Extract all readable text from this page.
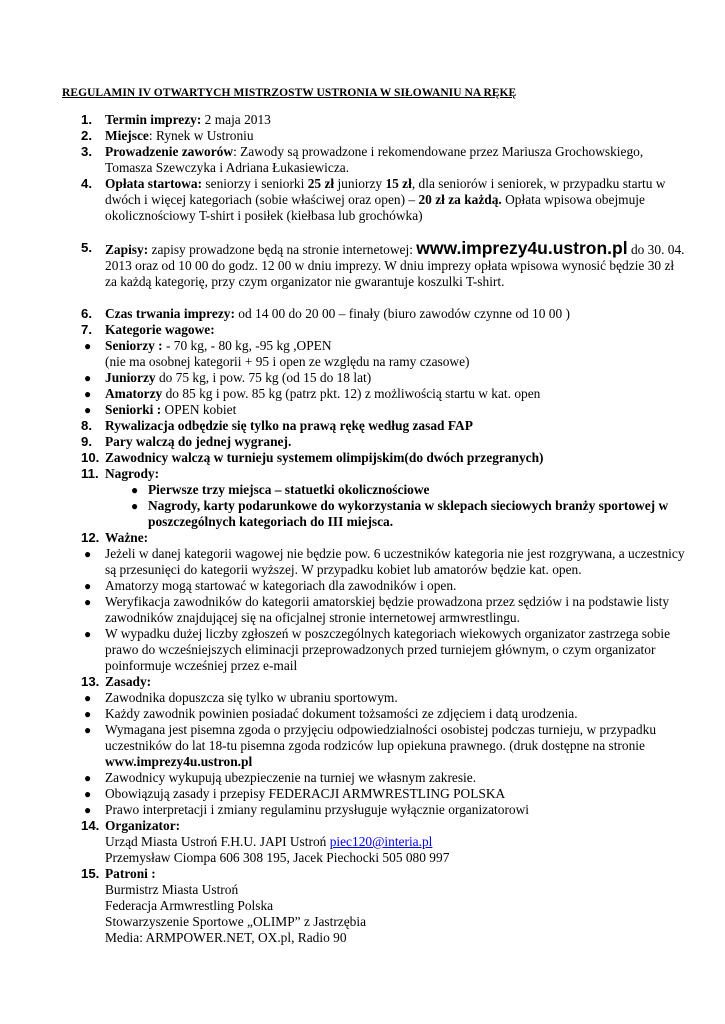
REGULAMIN IV OTWARTYCH MISTRZOSTW USTRONIA W SIŁOWANIU NA RĘKĘ
1. Termin imprezy: 2 maja 2013
2. Miejsce: Rynek w Ustroniu
3. Prowadzenie zaworów: Zawody są prowadzone i rekomendowane przez Mariusza Grochowskiego, Tomasza Szewczyka i Adriana Łukasiewicza.
4. Opłata startowa: seniorzy i seniorki 25 zł juniorzy 15 zł, dla seniorów i seniorek, w przypadku startu w dwóch i więcej kategoriach (sobie właściwej oraz open) – 20 zł za każdą. Opłata wpisowa obejmuje okolicznościowy T-shirt i posiłek (kiełbasa lub grochówka)
5. Zapisy: zapisy prowadzone będą na stronie internetowej: www.imprezy4u.ustron.pl do 30. 04. 2013 oraz od 10 00 do godz. 12 00 w dniu imprezy. W dniu imprezy opłata wpisowa wynosić będzie 30 zł za każdą kategorię, przy czym organizator nie gwarantuje koszulki T-shirt.
6. Czas trwania imprezy: od 14 00 do 20 00 – finały (biuro zawodów czynne od 10 00 )
7. Kategorie wagowe:
● Seniorzy : - 70 kg, - 80 kg, -95 kg ,OPEN
(nie ma osobnej kategorii + 95 i open ze względu na ramy czasowe)
● Juniorzy do 75 kg, i pow. 75 kg (od 15 do 18 lat)
● Amatorzy do 85 kg i pow. 85 kg (patrz pkt. 12) z możliwością startu w kat. open
● Seniorki : OPEN kobiet
8. Rywalizacja odbędzie się tylko na prawą rękę według zasad FAP
9. Pary walczą do jednej wygranej.
10. Zawodnicy walczą w turnieju systemem olimpijskim(do dwóch przegranych)
11. Nagrody:
● Pierwsze trzy miejsca – statuetki okolicznościowe
● Nagrody, karty podarunkowe do wykorzystania w sklepach sieciowych branży sportowej w poszczególnych kategoriach do III miejsca.
12. Ważne:
● Jeżeli w danej kategorii wagowej nie będzie pow. 6 uczestników kategoria nie jest rozgrywana, a uczestnicy są przesunięci do kategorii wyższej. W przypadku kobiet lub amatorów będzie kat. open.
● Amatorzy mogą startować w kategoriach dla zawodników i open.
● Weryfikacja zawodników do kategorii amatorskiej będzie prowadzona przez sędziów i na podstawie listy zawodników znajdującej się na oficjalnej stronie internetowej armwrestlingu.
● W wypadku dużej liczby zgłoszeń w poszczególnych kategoriach wiekowych organizator zastrzega sobie prawo do wcześniejszych eliminacji przeprowadzonych przed turniejem głównym, o czym organizator poinformuje wcześniej przez e-mail
13. Zasady:
● Zawodnika dopuszcza się tylko w ubraniu sportowym.
● Każdy zawodnik powinien posiadać dokument tożsamości ze zdjęciem i datą urodzenia.
● Wymagana jest pisemna zgoda o przyjęciu odpowiedzialności osobistej podczas turnieju, w przypadku uczestników do lat 18-tu pisemna zgoda rodziców lup opiekuna prawnego. (druk dostępne na stronie www.imprezy4u.ustron.pl
● Zawodnicy wykupują ubezpieczenie na turniej we własnym zakresie.
● Obowiązują zasady i przepisy FEDERACJI ARMWRESTLING POLSKA
● Prawo interpretacji i zmiany regulaminu przysługuje wyłącznie organizatorowi
14. Organizator:
Urząd Miasta Ustroń F.H.U. JAPI Ustroń piec120@interia.pl
Przemysław Ciompa 606 308 195, Jacek Piechocki 505 080 997
15. Patroni :
Burmistrz Miasta Ustroń
Federacja Armwrestling Polska
Stowarzyszenie Sportowe „OLIMP” z Jastrzębia
Media: ARMPOWER.NET, OX.pl, Radio 90
